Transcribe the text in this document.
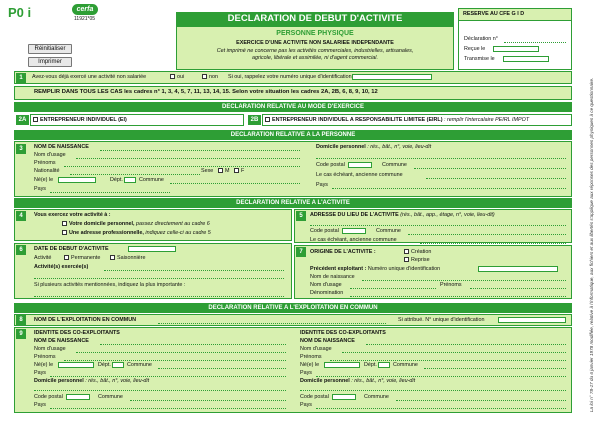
P0 i	cerfa
11921*05
Réinitialiser
Imprimer
DECLARATION DE DEBUT D'ACTIVITE
PERSONNE PHYSIQUE
EXERCICE D'UNE ACTIVITE NON SALARIEE INDEPENDANTE
Cet imprimé ne concerne pas les activités commerciales, industrielles, artisanales,
agricole, libérale et assimilée, ni d'agent commercial.
RESERVE AU CFE G I D
Déclaration n°
Reçue le
Transmise le
1	Avez-vous déjà exercé une activité non salariée	oui	non Si oui, rappelez votre numéro unique d'identification
REMPLIR DANS TOUS LES CAS les cadres n° 1, 3, 4, 5, 7, 11, 13, 14, 15. Selon votre situation les cadres 2A, 2B, 6, 8, 9, 10, 12
DECLARATION RELATIVE AU MODE D'EXERCICE
2A	ENTREPRENEUR INDIVIDUEL (EI)	2B	ENTREPRENEUR INDIVIDUEL A RESPONSABILITE LIMITEE (EIRL) : remplir l'intercalaire PEIRL IMPOT
DECLARATION RELATIVE A LA PERSONNE
3	NOM DE NAISSANCE
Nom d'usage
Prénoms
Nationalité	Sexe	M	F
Né(e) le	Dépt.	Commune
Pays
Domicile personnel : rés., bât., n°, voie, lieu-dit
Code postal	Commune
Le cas échéant, ancienne commune
Pays
DECLARATION RELATIVE A L'ACTIVITE
4	Vous exercez votre activité à :
Votre domicile personnel, passez directement au cadre 6
Une adresse professionnelle, indiquez celle-ci au cadre 5
5	ADRESSE DU LIEU DE L'ACTIVITE (rés., bât., app., étage, n°, voie, lieu-dit)
Code postal	Commune
Le cas échéant, ancienne commune
6	DATE DE DEBUT D'ACTIVITE
Activité	Permanente	Saisonnière
Activité(s) exercée(s)
Si plusieurs activités mentionnées, indiquez la plus importante :
7	ORIGINE DE L'ACTIVITE :	Création
Reprise
Précédent exploitant : Numéro unique d'identification
Nom de naissance
Nom d'usage	Prénoms
Dénomination
DECLARATION RELATIVE A L'EXPLOITATION EN COMMUN
8	NOM DE L'EXPLOITATION EN COMMUN	Si attribué. N° unique d'identification
9	IDENTITE DES CO-EXPLOITANTS
NOM DE NAISSANCE
Nom d'usage
Prénoms
Né(e) le	Dépt.	Commune
Pays
Domicile personnel : rés., bât., n°, voie, lieu-dit
Code postal	Commune
Pays
IDENTITE DES CO-EXPLOITANTS
NOM DE NAISSANCE
Nom d'usage
Prénoms
Né(e) le	Dépt.	Commune
Pays
Domicile personnel : rés., bât., n°, voie, lieu-dit
Code postal	Commune
Pays	La loi n° 78-17 du 6 janvier 1978 modifiée, relative à l'informatique, aux fichiers et aux libertés s'applique aux réponses des personnes physiques à ce questionnaire.
